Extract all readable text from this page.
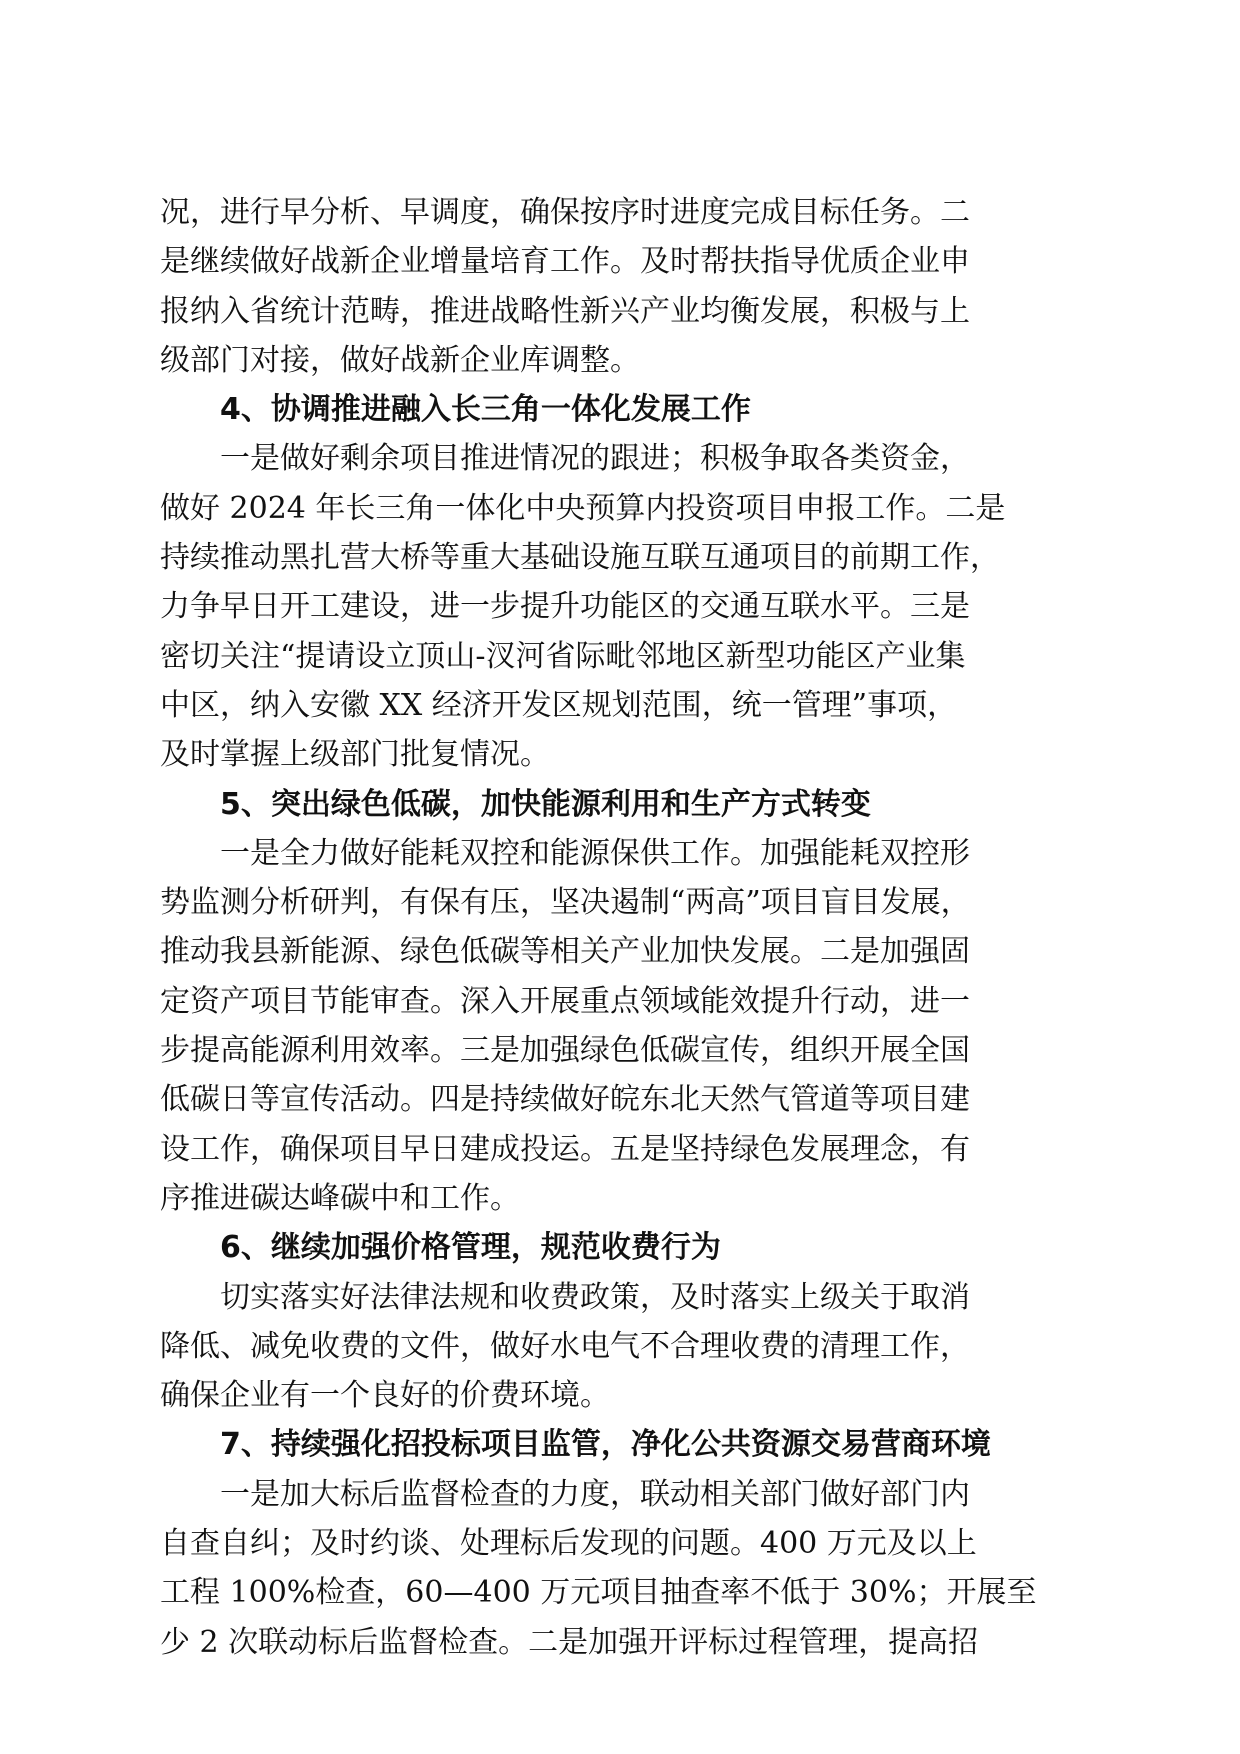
况，进行早分析、早调度，确保按序时进度完成目标任务。二
是继续做好战新企业增量培育工作。及时帮扶指导优质企业申
报纳入省统计范畴，推进战略性新兴产业均衡发展，积极与上
级部门对接，做好战新企业库调整。
4、协调推进融入长三角一体化发展工作
　　一是做好剩余项目推进情况的跟进；积极争取各类资金，
做好 2024 年长三角一体化中央预算内投资项目申报工作。二是
持续推动黑扎营大桥等重大基础设施互联互通项目的前期工作，
力争早日开工建设，进一步提升功能区的交通互联水平。三是
密切关注“提请设立顶山-汊河省际毗邻地区新型功能区产业集
中区，纳入安徽 XX 经济开发区规划范围，统一管理”事项，
及时掌握上级部门批复情况。
5、突出绿色低碳，加快能源利用和生产方式转变
　　一是全力做好能耗双控和能源保供工作。加强能耗双控形
势监测分析研判，有保有压，坚决遏制“两高”项目盲目发展，
推动我县新能源、绿色低碳等相关产业加快发展。二是加强固
定资产项目节能审查。深入开展重点领域能效提升行动，进一
步提高能源利用效率。三是加强绿色低碳宣传，组织开展全国
低碳日等宣传活动。四是持续做好皖东北天然气管道等项目建
设工作，确保项目早日建成投运。五是坚持绿色发展理念，有
序推进碳达峰碳中和工作。
6、继续加强价格管理，规范收费行为
　　切实落实好法律法规和收费政策，及时落实上级关于取消
降低、减免收费的文件，做好水电气不合理收费的清理工作，
确保企业有一个良好的价费环境。
7、持续强化招投标项目监管，净化公共资源交易营商环境
　　一是加大标后监督检查的力度，联动相关部门做好部门内
自查自纠；及时约谈、处理标后发现的问题。400 万元及以上
工程 100%检查，60—400 万元项目抽查率不低于 30%；开展至
少 2 次联动标后监督检查。二是加强开评标过程管理，提高招
